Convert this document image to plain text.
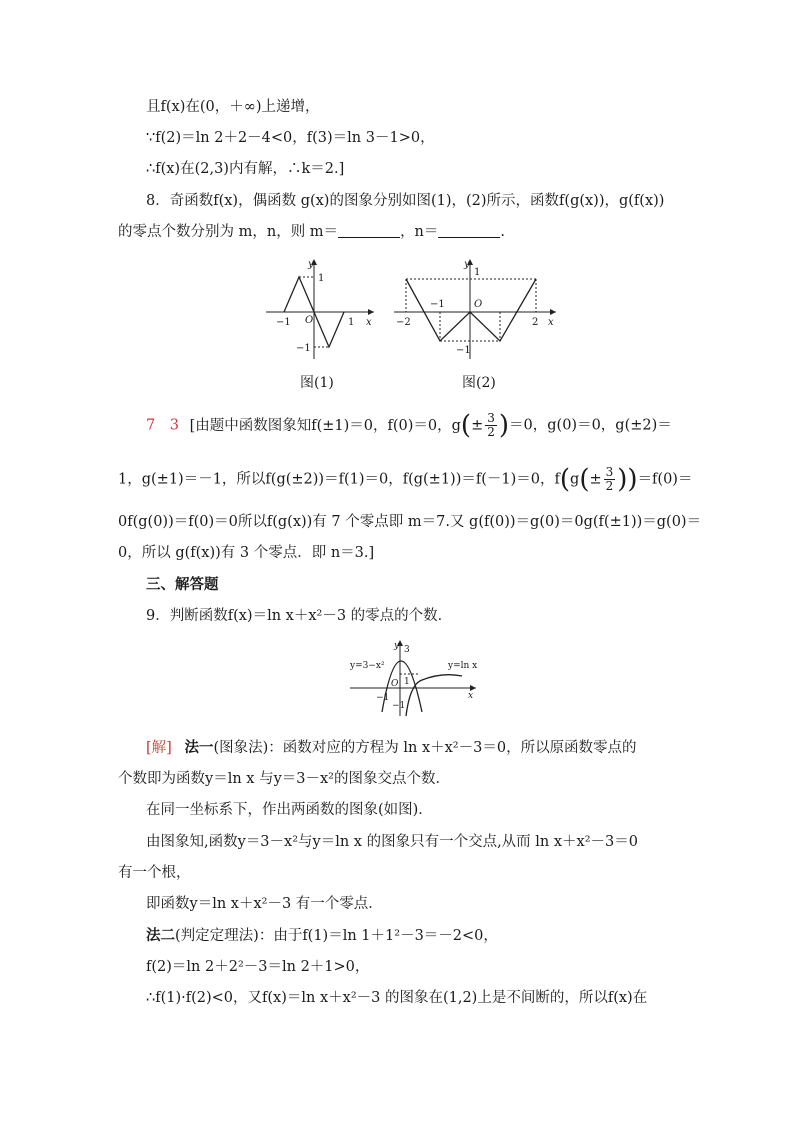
且f(x)在(0，＋∞)上递增，
∵f(2)＝ln 2＋2－4<0，f(3)＝ln 3－1>0，
∴f(x)在(2,3)内有解，∴k＝2.]
8．奇函数f(x)，偶函数 g(x)的图象分别如图(1)，(2)所示，函数f(g(x))，g(f(x))
的零点个数分别为 m，n，则 m＝	，n＝	.
y
x
1
−1
−1 O	1
图(1)
y
x
1
−1
−1
−2	2
O
图(2)
7　3 [由题中函数图象知f(±1)＝0，f(0)＝0，$g(\pm \frac{3}{2} )=0$，g(0)＝0，g(±2)＝
1，g(±1)＝－1，所以f(g(±2))＝f(1)＝0，f(g(±1))＝f(－1)＝0，$f(g(\pm \frac{3}{2} ))=f(0)=$
0f(g(0))＝f(0)＝0所以f(g(x))有 7 个零点即 m＝7.又 g(f(0))＝g(0)＝0g(f(±1))＝g(0)＝
0，所以 g(f(x))有 3 个零点．即 n＝3.]
三、解答题
9．判断函数f(x)＝ln x＋x²－3 的零点的个数．
y=3−x²	y=ln x
3
1
O
−1
−1
y
x
[解] 法一(图象法)：函数对应的方程为 ln x＋x²－3＝0，所以原函数零点的
个数即为函数y＝ln x 与y＝3－x²的图象交点个数．
在同一坐标系下，作出两函数的图象(如图)．
由图象知,函数y＝3－x²与y＝ln x 的图象只有一个交点,从而 ln x＋x²－3＝0
有一个根，
即函数y＝ln x＋x²－3 有一个零点．
法二(判定定理法)：由于f(1)＝ln 1＋1²－3＝－2<0，
f(2)＝ln 2＋2²－3＝ln 2＋1>0，
∴f(1)·f(2)<0，又f(x)＝ln x＋x²－3 的图象在(1,2)上是不间断的，所以f(x)在
